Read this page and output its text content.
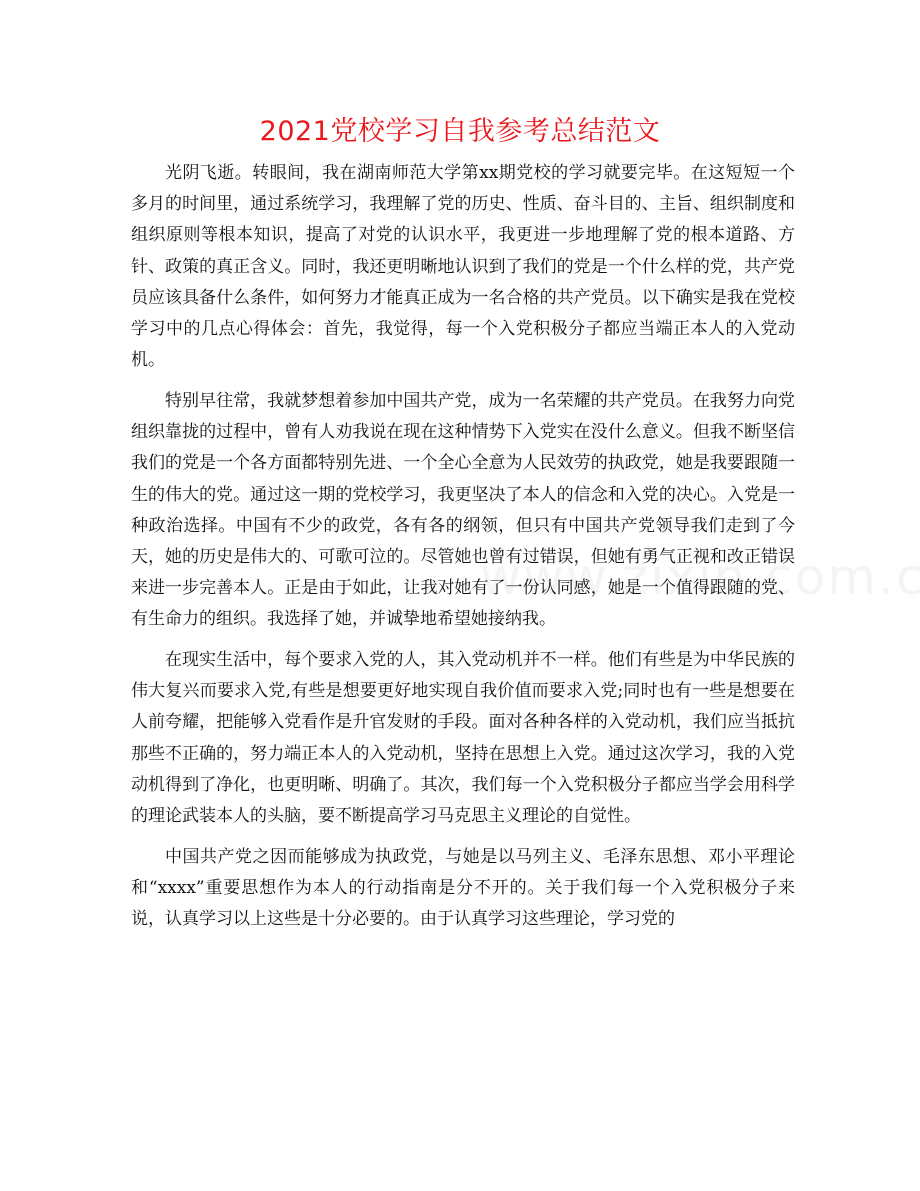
2021党校学习自我参考总结范文

光阴飞逝。转眼间，我在湖南师范大学第xx期党校的学习就要完毕。在这短短一个多月的时间里，通过系统学习，我理解了党的历史、性质、奋斗目的、主旨、组织制度和组织原则等根本知识，提高了对党的认识水平，我更进一步地理解了党的根本道路、方针、政策的真正含义。同时，我还更明晰地认识到了我们的党是一个什么样的党，共产党员应该具备什么条件，如何努力才能真正成为一名合格的共产党员。以下确实是我在党校学习中的几点心得体会：首先，我觉得，每一个入党积极分子都应当端正本人的入党动机。

特别早往常，我就梦想着参加中国共产党，成为一名荣耀的共产党员。在我努力向党组织靠拢的过程中，曾有人劝我说在现在这种情势下入党实在没什么意义。但我不断坚信我们的党是一个各方面都特别先进、一个全心全意为人民效劳的执政党，她是我要跟随一生的伟大的党。通过这一期的党校学习，我更坚决了本人的信念和入党的决心。入党是一种政治选择。中国有不少的政党，各有各的纲领，但只有中国共产党领导我们走到了今天，她的历史是伟大的、可歌可泣的。尽管她也曾有过错误，但她有勇气正视和改正错误来进一步完善本人。正是由于如此，让我对她有了一份认同感，她是一个值得跟随的党、有生命力的组织。我选择了她，并诚挚地希望她接纳我。

在现实生活中，每个要求入党的人，其入党动机并不一样。他们有些是为中华民族的伟大复兴而要求入党,有些是想要更好地实现自我价值而要求入党;同时也有一些是想要在人前夸耀，把能够入党看作是升官发财的手段。面对各种各样的入党动机，我们应当抵抗那些不正确的，努力端正本人的入党动机，坚持在思想上入党。通过这次学习，我的入党动机得到了净化，也更明晰、明确了。其次，我们每一个入党积极分子都应当学会用科学的理论武装本人的头脑，要不断提高学习马克思主义理论的自觉性。

中国共产党之因而能够成为执政党，与她是以马列主义、毛泽东思想、邓小平理论和“xxxx”重要思想作为本人的行动指南是分不开的。关于我们每一个入党积极分子来说，认真学习以上这些是十分必要的。由于认真学习这些理论，学习党的
